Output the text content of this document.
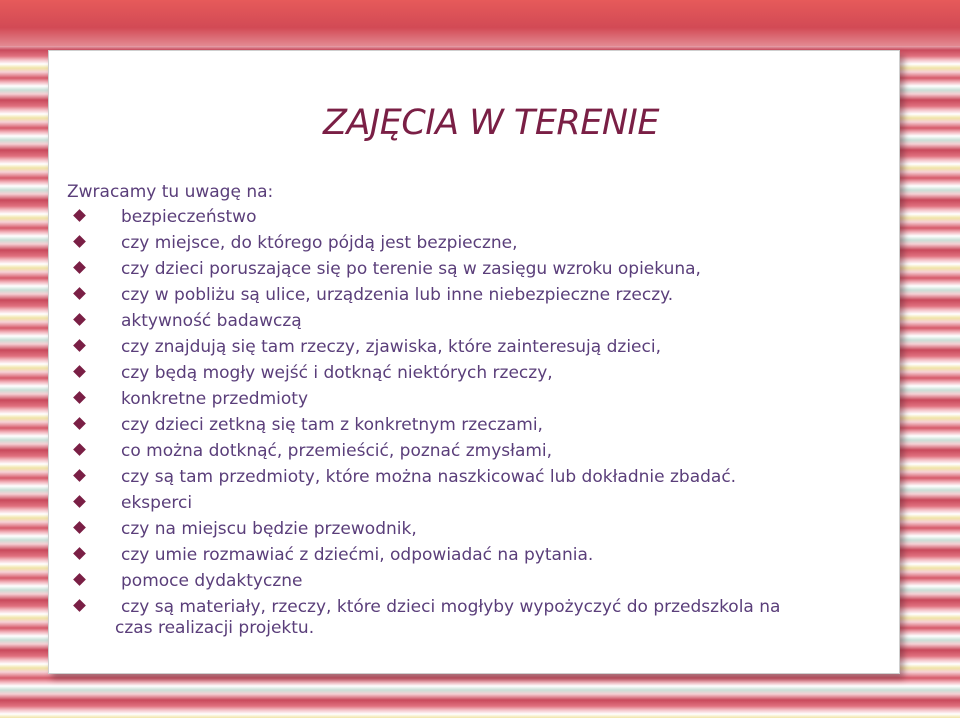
ZAJĘCIA W TERENIE

Zwracamy tu uwagę na:

bezpieczeństwo
czy miejsce, do którego pójdą jest bezpieczne,
czy dzieci poruszające się po terenie są w zasięgu wzroku opiekuna,
czy w pobliżu są ulice, urządzenia lub inne niebezpieczne rzeczy.
aktywność badawczą
czy znajdują się tam rzeczy, zjawiska, które zainteresują dzieci,
czy będą mogły wejść i dotknąć niektórych rzeczy,
konkretne przedmioty
czy dzieci zetkną się tam z konkretnym rzeczami,
co można dotknąć, przemieścić, poznać zmysłami,
czy są tam przedmioty, które można naszkicować lub dokładnie zbadać.
eksperci
czy na miejscu będzie przewodnik,
czy umie rozmawiać z dziećmi, odpowiadać na pytania.
pomoce dydaktyczne
czy są materiały, rzeczy, które dzieci mogłyby wypożyczyć do przedszkola na
czas realizacji projektu.
